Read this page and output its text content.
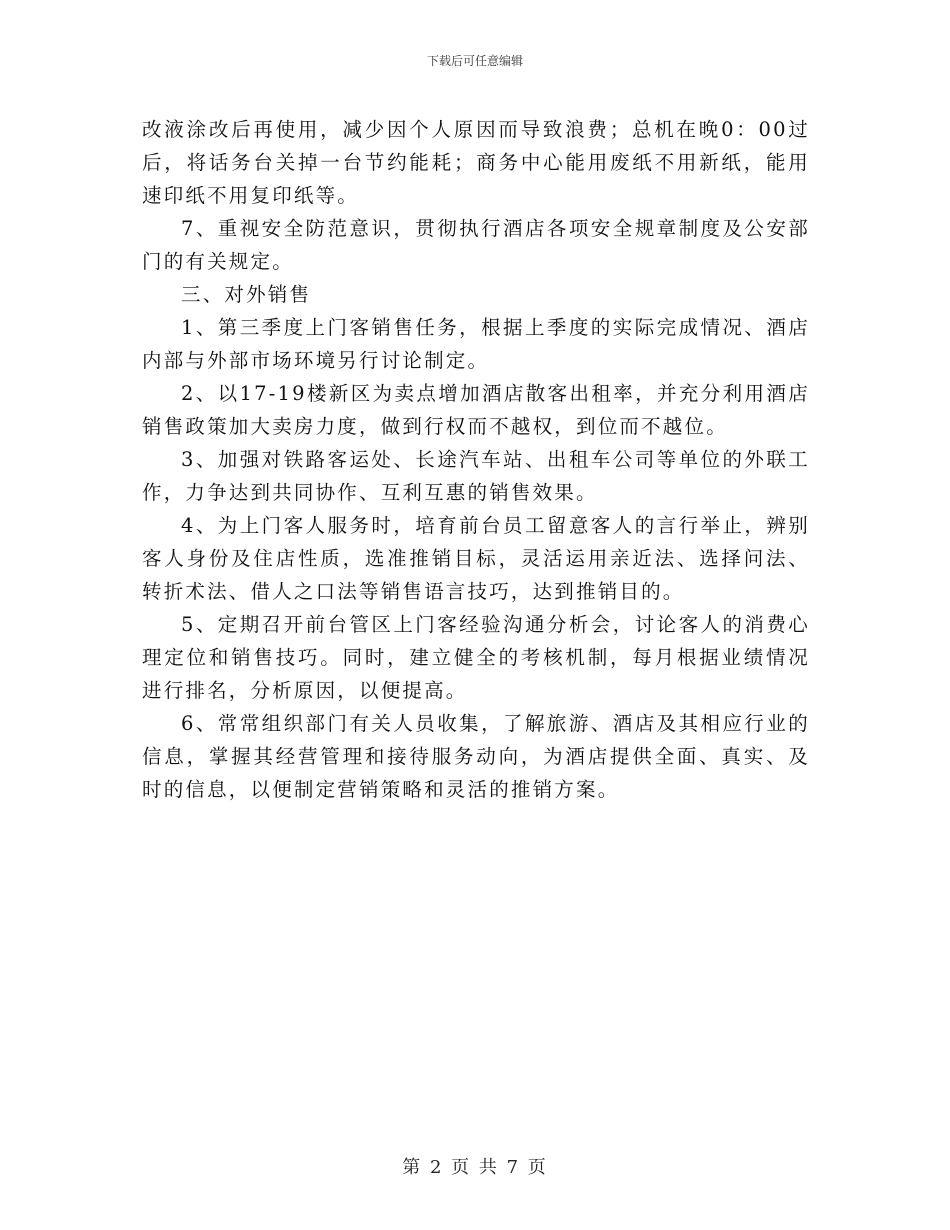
下载后可任意编辑

改液涂改后再使用，减少因个人原因而导致浪费；总机在晚0：00过后，将话务台关掉一台节约能耗；商务中心能用废纸不用新纸，能用速印纸不用复印纸等。

7、重视安全防范意识，贯彻执行酒店各项安全规章制度及公安部门的有关规定。

三、对外销售

1、第三季度上门客销售任务，根据上季度的实际完成情况、酒店内部与外部市场环境另行讨论制定。

2、以17-19楼新区为卖点增加酒店散客出租率，并充分利用酒店销售政策加大卖房力度，做到行权而不越权，到位而不越位。

3、加强对铁路客运处、长途汽车站、出租车公司等单位的外联工作，力争达到共同协作、互利互惠的销售效果。

4、为上门客人服务时，培育前台员工留意客人的言行举止，辨别客人身份及住店性质，选准推销目标，灵活运用亲近法、选择问法、转折术法、借人之口法等销售语言技巧，达到推销目的。

5、定期召开前台管区上门客经验沟通分析会，讨论客人的消费心理定位和销售技巧。同时，建立健全的考核机制，每月根据业绩情况进行排名，分析原因，以便提高。

6、常常组织部门有关人员收集，了解旅游、酒店及其相应行业的信息，掌握其经营管理和接待服务动向，为酒店提供全面、真实、及时的信息，以便制定营销策略和灵活的推销方案。

第 2 页 共 7 页
